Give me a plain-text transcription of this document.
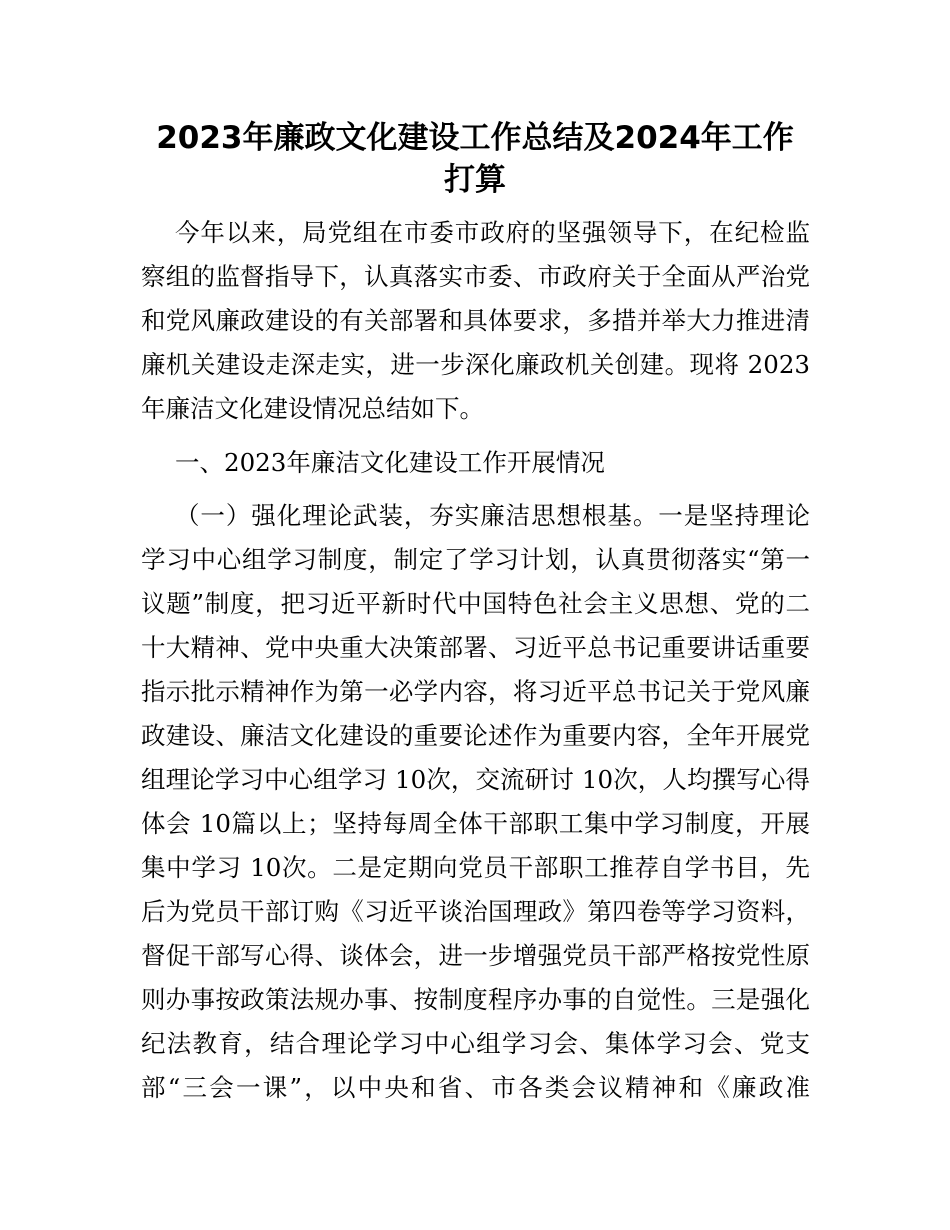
2023年廉政文化建设工作总结及2024年工作
打算

今年以来，局党组在市委市政府的坚强领导下，在纪检监

察组的监督指导下，认真落实市委、市政府关于全面从严治党

和党风廉政建设的有关部署和具体要求，多措并举大力推进清

廉机关建设走深走实，进一步深化廉政机关创建。现将 2023

年廉洁文化建设情况总结如下。

一、2023年廉洁文化建设工作开展情况

（一）强化理论武装，夯实廉洁思想根基。一是坚持理论

学习中心组学习制度，制定了学习计划，认真贯彻落实“第一

议题”制度，把习近平新时代中国特色社会主义思想、党的二

十大精神、党中央重大决策部署、习近平总书记重要讲话重要

指示批示精神作为第一必学内容，将习近平总书记关于党风廉

政建设、廉洁文化建设的重要论述作为重要内容，全年开展党

组理论学习中心组学习 10次，交流研讨 10次，人均撰写心得

体会 10篇以上；坚持每周全体干部职工集中学习制度，开展

集中学习 10次。二是定期向党员干部职工推荐自学书目，先

后为党员干部订购《习近平谈治国理政》第四卷等学习资料，

督促干部写心得、谈体会，进一步增强党员干部严格按党性原

则办事按政策法规办事、按制度程序办事的自觉性。三是强化

纪法教育，结合理论学习中心组学习会、集体学习会、党支

部“三会一课”，以中央和省、市各类会议精神和《廉政准
